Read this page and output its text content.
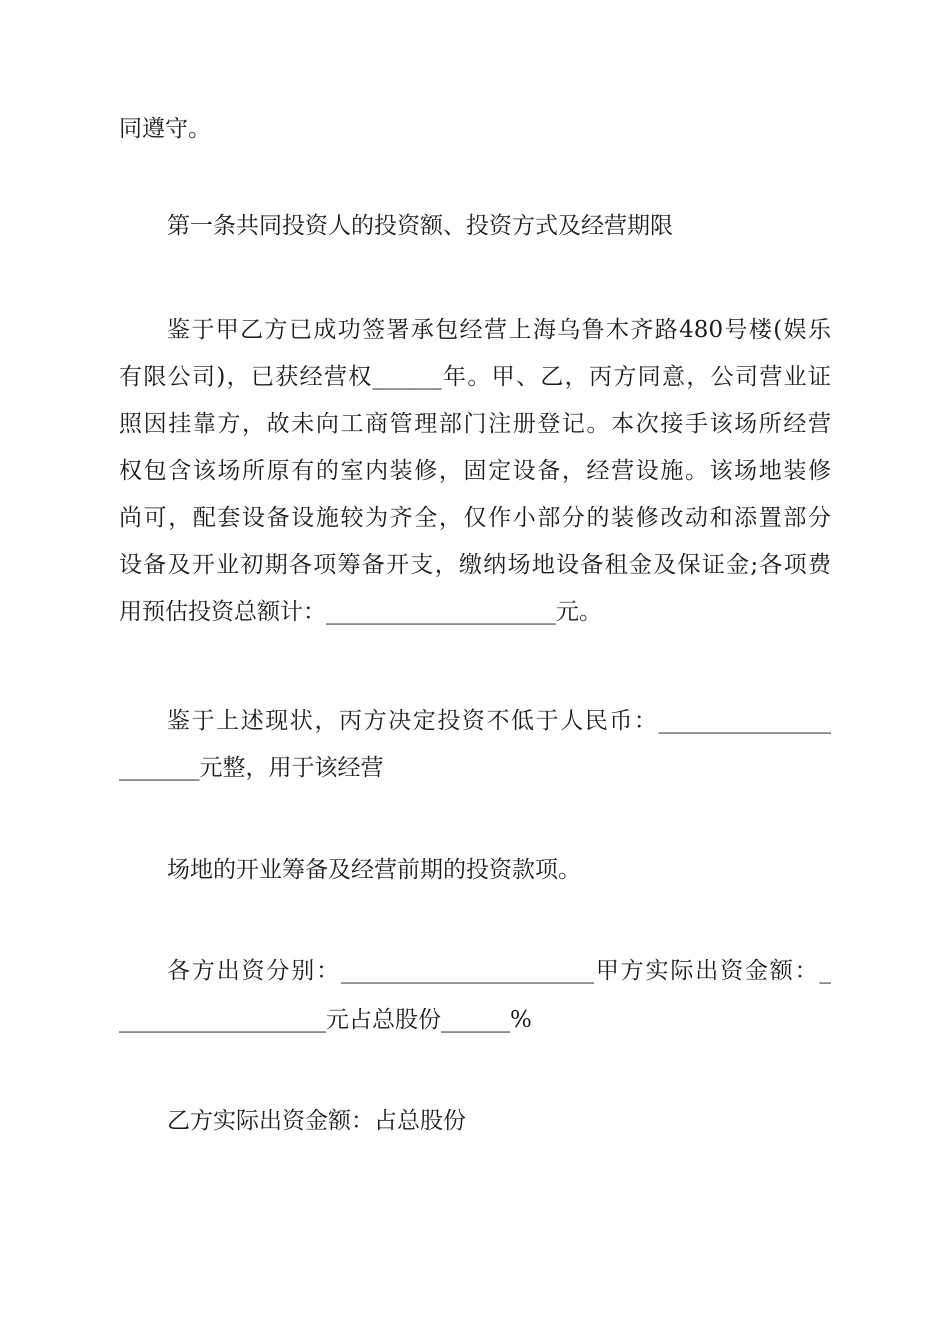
同遵守。
第一条共同投资人的投资额、投资方式及经营期限
鉴于甲乙方已成功签署承包经营上海乌鲁木齐路480号楼(娱乐
有限公司)，已获经营权______年。甲、乙，丙方同意，公司营业证
照因挂靠方，故未向工商管理部门注册登记。本次接手该场所经营
权包含该场所原有的室内装修，固定设备，经营设施。该场地装修
尚可，配套设备设施较为齐全，仅作小部分的装修改动和添置部分
设备及开业初期各项筹备开支，缴纳场地设备租金及保证金;各项费
用预估投资总额计：____________________元。
鉴于上述现状，丙方决定投资不低于人民币：_______________
_______元整，用于该经营
场地的开业筹备及经营前期的投资款项。
各方出资分别：______________________甲方实际出资金额：_
__________________元占总股份______%
乙方实际出资金额：占总股份
